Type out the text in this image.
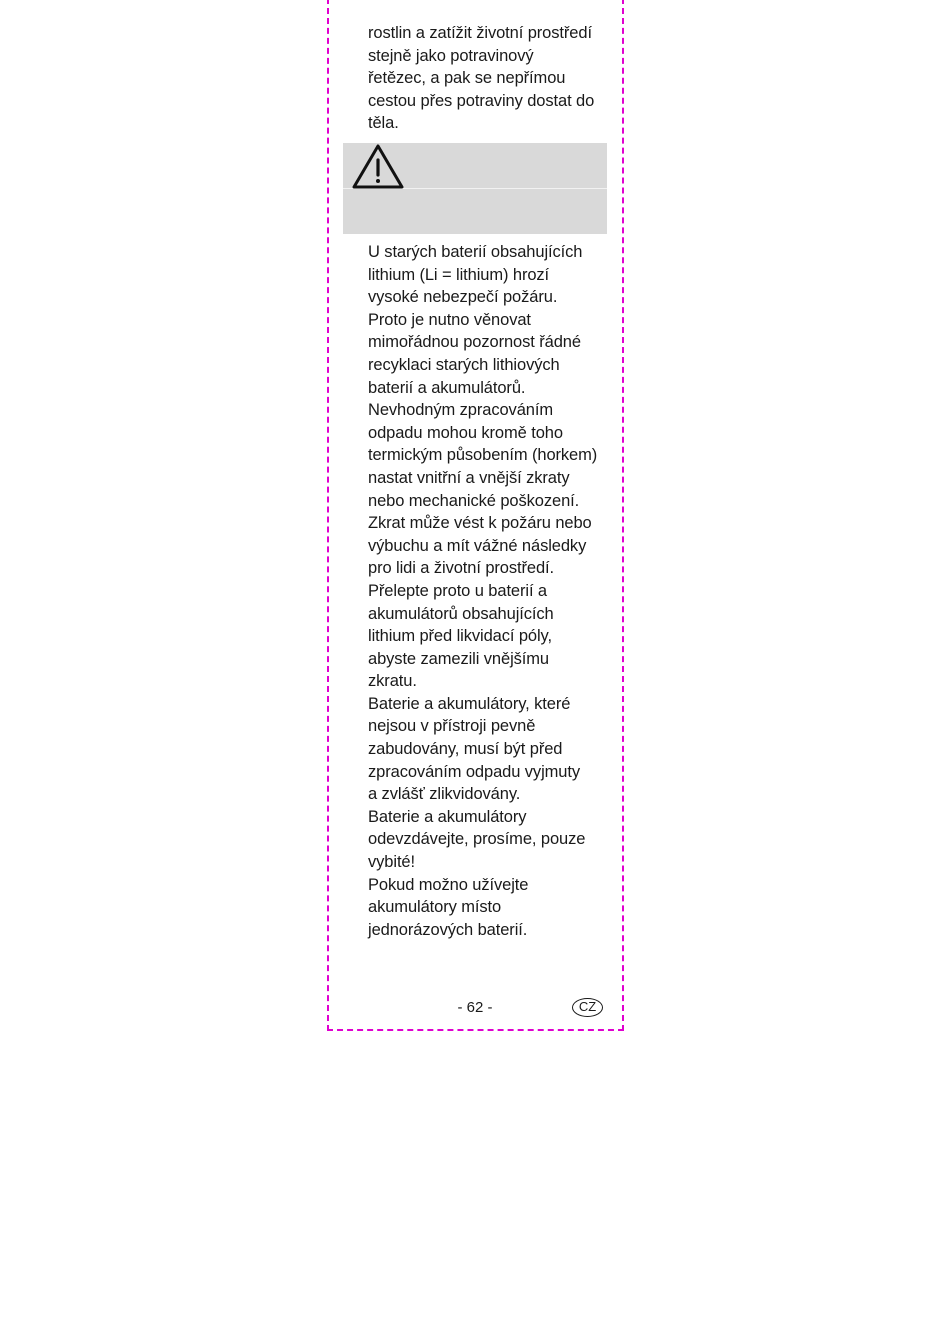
rostlin a zatížit životní prostředí
stejně jako potravinový
řetězec, a pak se nepřímou
cestou přes potraviny dostat do
těla.
U starých baterií obsahujících
lithium (Li = lithium) hrozí
vysoké nebezpečí požáru.
Proto je nutno věnovat
mimořádnou pozornost řádné
recyklaci starých lithiových
baterií a akumulátorů.
Nevhodným zpracováním
odpadu mohou kromě toho
termickým působením (horkem)
nastat vnitřní a vnější zkraty
nebo mechanické poškození.
Zkrat může vést k požáru nebo
výbuchu a mít vážné následky
pro lidi a životní prostředí.
Přelepte proto u baterií a
akumulátorů obsahujících
lithium před likvidací póly,
abyste zamezili vnějšímu
zkratu.
Baterie a akumulátory, které
nejsou v přístroji pevně
zabudovány, musí být před
zpracováním odpadu vyjmuty
a zvlášť zlikvidovány.
Baterie a akumulátory
odevzdávejte, prosíme, pouze
vybité!
Pokud možno užívejte
akumulátory místo
jednorázových baterií.
- 62 -	CZ
